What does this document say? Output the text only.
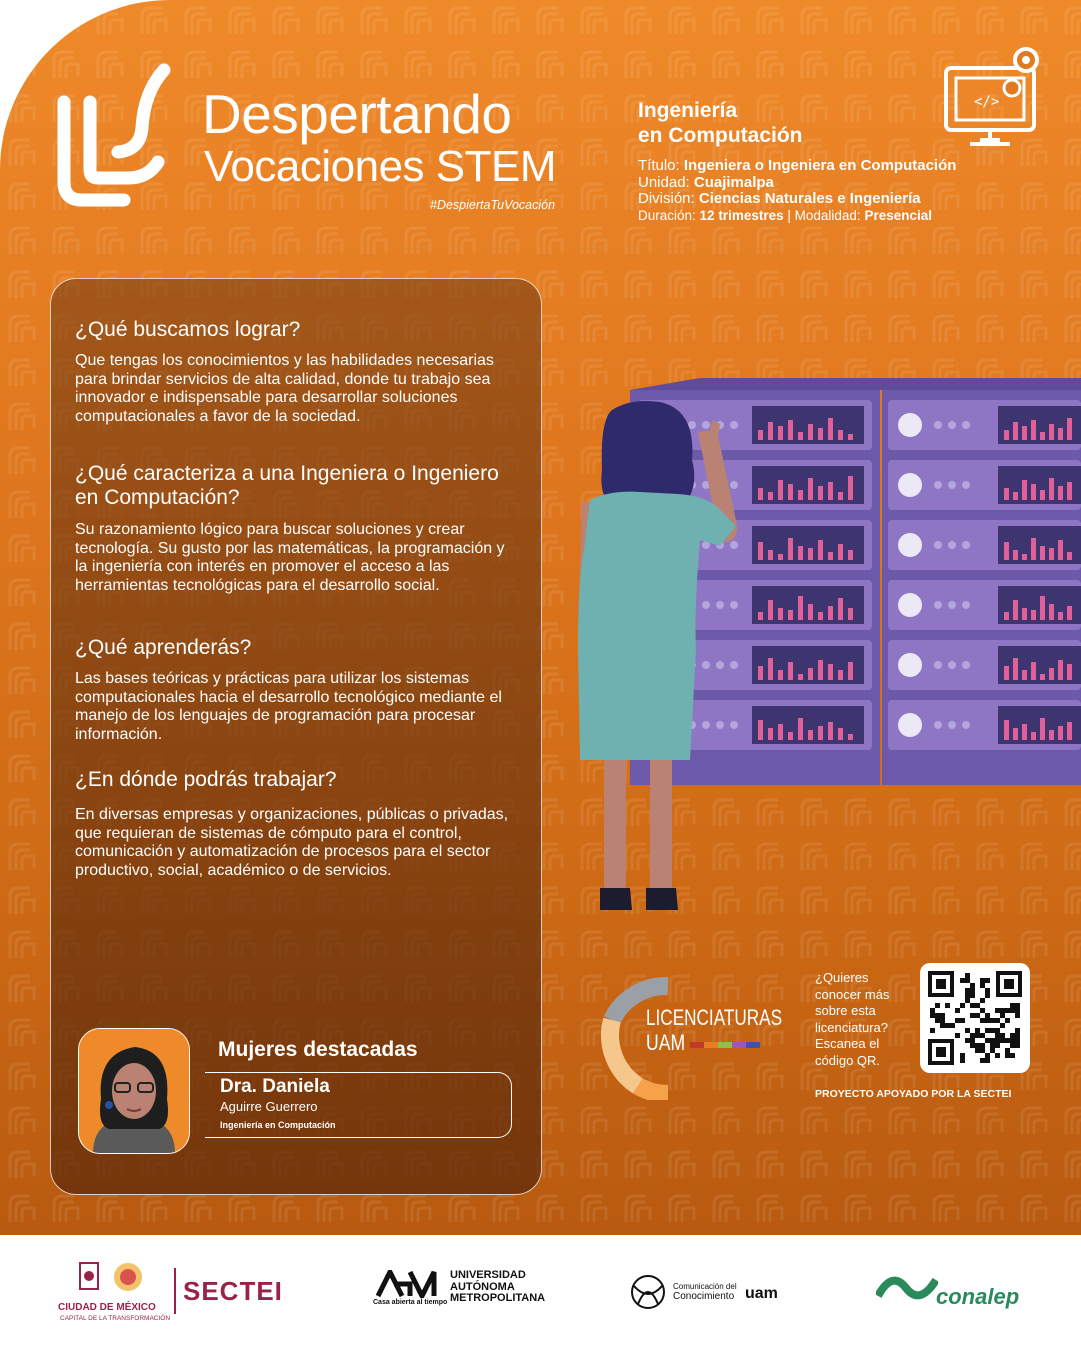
Despertando
Vocaciones STEM
#DespiertaTuVocación
Ingeniería
en Computación
Título: Ingeniera o Ingeniera en Computación
Unidad: Cuajimalpa
División: Ciencias Naturales e Ingeniería
Duración: 12 trimestres | Modalidad: Presencial
</>
¿Qué buscamos lograr?
Que tengas los conocimientos y las habilidades necesarias para brindar servicios de alta calidad, donde tu trabajo sea innovador e indispensable para desarrollar soluciones computacionales a favor de la sociedad.
¿Qué caracteriza a una Ingeniera o Ingeniero en Computación?
Su razonamiento lógico para buscar soluciones y crear tecnología. Su gusto por las matemáticas, la programación y la ingeniería con interés en promover el acceso a las herramientas tecnológicas para el desarrollo social.
¿Qué aprenderás?
Las bases teóricas y prácticas para utilizar los sistemas computacionales hacia el desarrollo tecnológico mediante el manejo de los lenguajes de programación para procesar información.
¿En dónde podrás trabajar?
En diversas empresas y organizaciones, públicas o privadas, que requieran de sistemas de cómputo para el control, comunicación y automatización de procesos para el sector productivo, social, académico o de servicios.
Mujeres destacadas
Dra. Daniela
Aguirre Guerrero
Ingeniería en Computación
LICENCIATURAS
UAM
¿Quieres conocer más sobre esta licenciatura? Escanea el código QR.
PROYECTO APOYADO POR LA SECTEI
CIUDAD DE MÉXICO
CAPITAL DE LA TRANSFORMACIÓN
SECTEI
UNIVERSIDAD
AUTÓNOMA
METROPOLITANA
Casa abierta al tiempo
Comunicación del
Conocimiento uam	conalep
